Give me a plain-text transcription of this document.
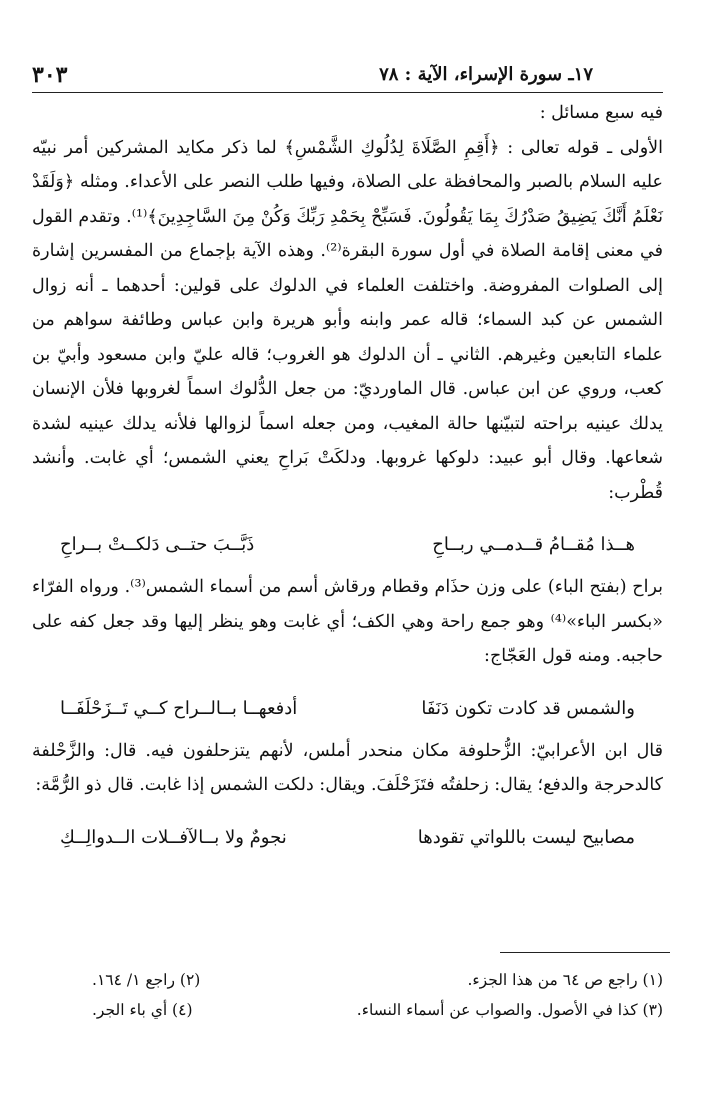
٣٠٣	١٧ـ سورة الإسراء، الآية : ٧٨

فيه سبع مسائل :

الأولى ـ قوله تعالى : ﴿أَقِمِ الصَّلَاةَ لِدُلُوكِ الشَّمْسِ﴾ لما ذكر مكايد المشركين أمر نبيّه عليه السلام بالصبر والمحافظة على الصلاة، وفيها طلب النصر على الأعداء. ومثله ﴿وَلَقَدْ نَعْلَمُ أَنَّكَ يَضِيقُ صَدْرُكَ بِمَا يَقُولُونَ. فَسَبِّحْ بِحَمْدِ رَبِّكَ وَكُنْ مِنَ السَّاجِدِينَ﴾⁽¹⁾. وتقدم القول في معنى إقامة الصلاة في أول سورة البقرة⁽²⁾. وهذه الآية بإجماع من المفسرين إشارة إلى الصلوات المفروضة. واختلفت العلماء في الدلوك على قولين: أحدهما ـ أنه زوال الشمس عن كبد السماء؛ قاله عمر وابنه وأبو هريرة وابن عباس وطائفة سواهم من علماء التابعين وغيرهم. الثاني ـ أن الدلوك هو الغروب؛ قاله عليّ وابن مسعود وأبيّ بن كعب، وروي عن ابن عباس. قال الماورديّ: من جعل الدُّلوك اسماً لغروبها فلأن الإنسان يدلك عينيه براحته لتبيّنها حالة المغيب، ومن جعله اسماً لزوالها فلأنه يدلك عينيه لشدة شعاعها. وقال أبو عبيد: دلوكها غروبها. ودلكَتْ بَراحِ يعني الشمس؛ أي غابت. وأنشد قُطْرب:

هــذا مُقــامُ قــدمــي ربــاحِ
ذَبَّــبَ حتــى دَلكــتْ بــراحِ

براح (بفتح الباء) على وزن حذَام وقطام ورقاش أسم من أسماء الشمس⁽³⁾. ورواه الفرّاء «بكسر الباء»⁽⁴⁾ وهو جمع راحة وهي الكف؛ أي غابت وهو ينظر إليها وقد جعل كفه على حاجبه. ومنه قول العَجّاج:

والشمس قد كادت تكون دَنَفَا
أدفعهــا بــالــراح كــي تَــزَحْلَفَــا

قال ابن الأعرابيّ: الزُّحلوفة مكان منحدر أملس، لأنهم يتزحلفون فيه. قال: والزَّحْلفة كالدحرجة والدفع؛ يقال: زحلفتُه فتَزَحْلَفَ. ويقال: دلكت الشمس إذا غابت. قال ذو الرُّمَّة:

مصابيح ليست باللواتي تقودها
نجومٌ ولا بــالآفــلات الــدوالِــكِ
(١) راجع ص ٦٤ من هذا الجزء.
(٢) راجع ١/ ١٦٤.
(٣) كذا في الأصول. والصواب عن أسماء النساء.
(٤) أي باء الجر.
